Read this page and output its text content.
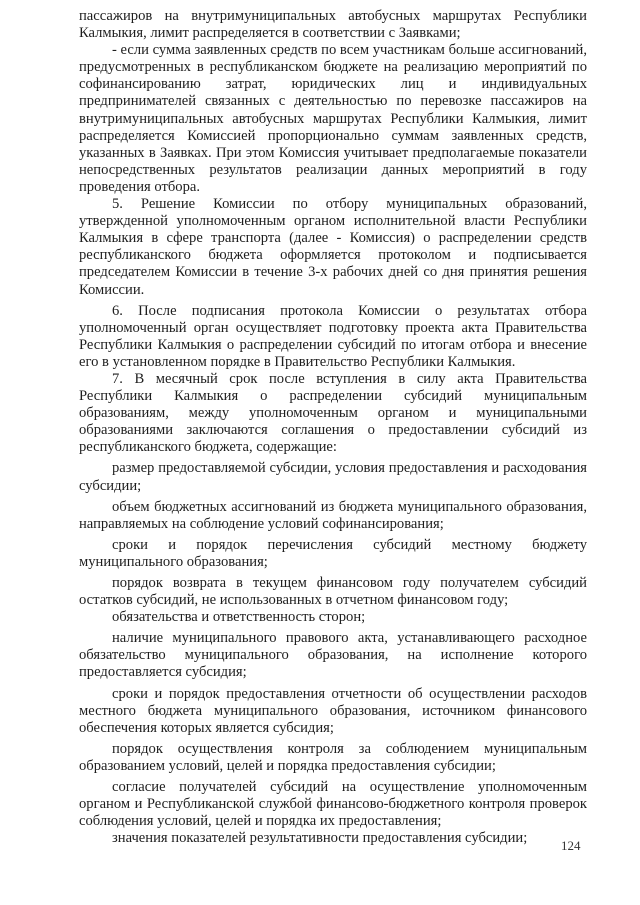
пассажиров на внутримуниципальных автобусных маршрутах Республики Калмыкия, лимит распределяется в соответствии с Заявками;

- если сумма заявленных средств по всем участникам больше ассигнований, предусмотренных в республиканском бюджете на реализацию мероприятий по софинансированию затрат, юридических лиц и индивидуальных предпринимателей связанных с деятельностью по перевозке пассажиров на внутримуниципальных автобусных маршрутах Республики Калмыкия, лимит распределяется Комиссией пропорционально суммам заявленных средств, указанных в Заявках. При этом Комиссия учитывает предполагаемые показатели непосредственных результатов реализации данных мероприятий в году проведения отбора.

5. Решение Комиссии по отбору муниципальных образований, утвержденной уполномоченным органом исполнительной власти Республики Калмыкия в сфере транспорта (далее - Комиссия) о распределении средств республиканского бюджета оформляется протоколом и подписывается председателем Комиссии в течение 3-х рабочих дней со дня принятия решения Комиссии.

6. После подписания протокола Комиссии о результатах отбора уполномоченный орган осуществляет подготовку проекта акта Правительства Республики Калмыкия о распределении субсидий по итогам отбора и внесение его в установленном порядке в Правительство Республики Калмыкия.

7. В месячный срок после вступления в силу акта Правительства Республики Калмыкия о распределении субсидий муниципальным образованиям, между уполномоченным органом и муниципальными образованиями заключаются соглашения о предоставлении субсидий из республиканского бюджета, содержащие:

размер предоставляемой субсидии, условия предоставления и расходования субсидии;

объем бюджетных ассигнований из бюджета муниципального образования, направляемых на соблюдение условий софинансирования;

сроки и порядок перечисления субсидий местному бюджету муниципального образования;

порядок возврата в текущем финансовом году получателем субсидий остатков субсидий, не использованных в отчетном финансовом году;

обязательства и ответственность сторон;

наличие муниципального правового акта, устанавливающего расходное обязательство муниципального образования, на исполнение которого предоставляется субсидия;

сроки и порядок предоставления отчетности об осуществлении расходов местного бюджета муниципального образования, источником финансового обеспечения которых является субсидия;

порядок осуществления контроля за соблюдением муниципальным образованием условий, целей и порядка предоставления субсидии;

согласие получателей субсидий на осуществление уполномоченным органом и Республиканской службой финансово-бюджетного контроля проверок соблюдения условий, целей и порядка их предоставления;

значения показателей результативности предоставления субсидии;	124
